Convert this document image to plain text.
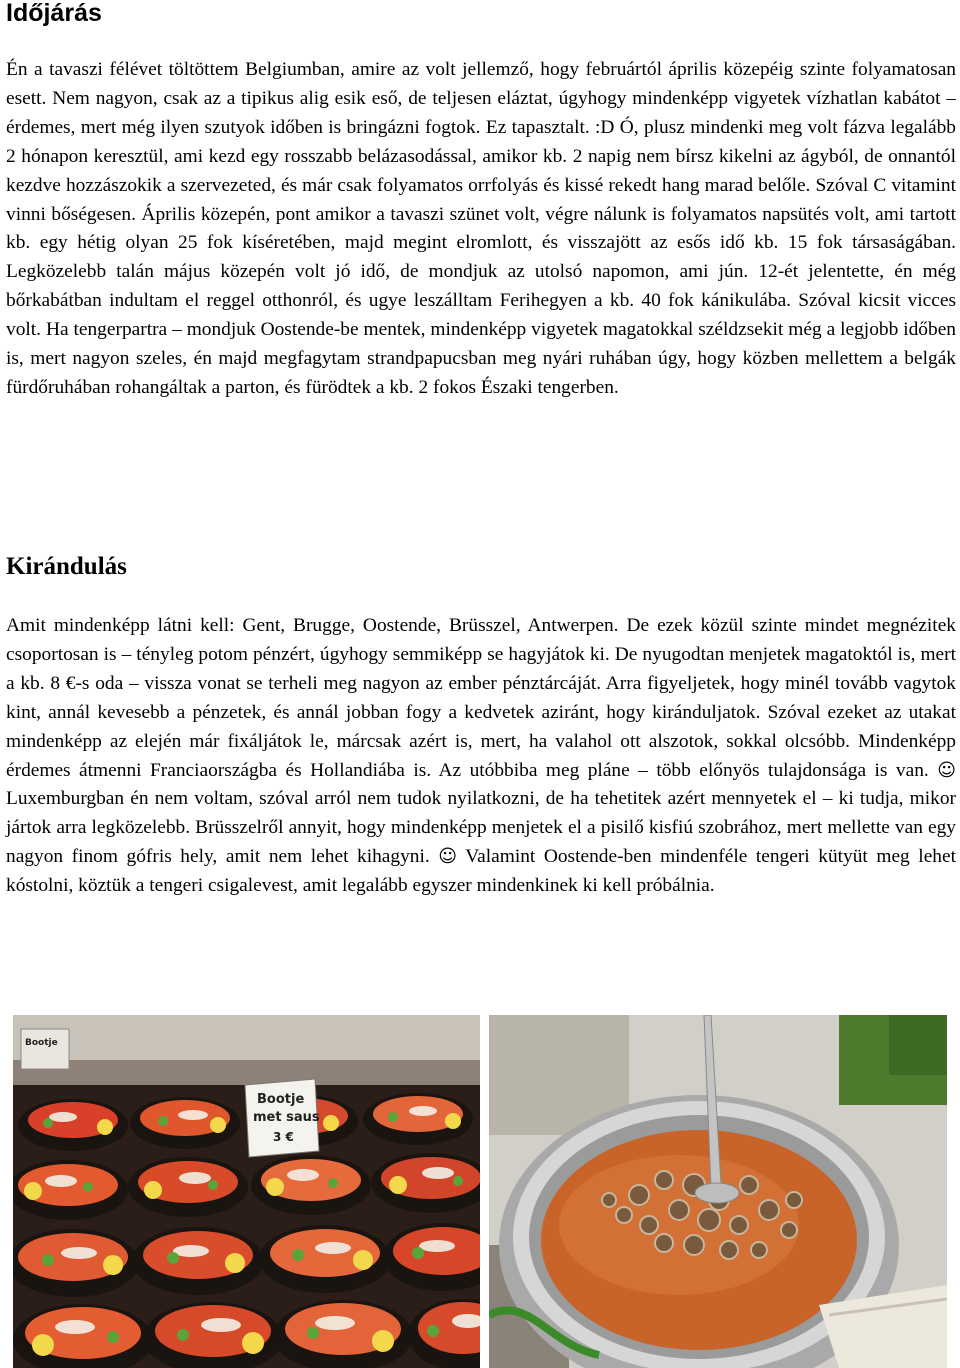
Időjárás

Én a tavaszi félévet töltöttem Belgiumban, amire az volt jellemző, hogy februártól április közepéig szinte folyamatosan esett. Nem nagyon, csak az a tipikus alig esik eső, de teljesen eláztat, úgyhogy mindenképp vigyetek vízhatlan kabátot – érdemes, mert még ilyen szutyok időben is bringázni fogtok. Ez tapasztalt. :D Ó, plusz mindenki meg volt fázva legalább 2 hónapon keresztül, ami kezd egy rosszabb belázasodással, amikor kb. 2 napig nem bírsz kikelni az ágyból, de onnantól kezdve hozzászokik a szervezeted, és már csak folyamatos orrfolyás és kissé rekedt hang marad belőle. Szóval C vitamint vinni bőségesen. Április közepén, pont amikor a tavaszi szünet volt, végre nálunk is folyamatos napsütés volt, ami tartott kb. egy hétig olyan 25 fok kíséretében, majd megint elromlott, és visszajött az esős idő kb. 15 fok társaságában. Legközelebb talán május közepén volt jó idő, de mondjuk az utolsó napomon, ami jún. 12-ét jelentette, én még bőrkabátban indultam el reggel otthonról, és ugye leszálltam Ferihegyen a kb. 40 fok kánikulába. Szóval kicsit vicces volt. Ha tengerpartra – mondjuk Oostende-be mentek, mindenképp vigyetek magatokkal széldzsekit még a legjobb időben is, mert nagyon szeles, én majd megfagytam strandpapucsban meg nyári ruhában úgy, hogy közben mellettem a belgák fürdőruhában rohangáltak a parton, és fürödtek a kb. 2 fokos Északi tengerben.

Kirándulás

Amit mindenképp látni kell: Gent, Brugge, Oostende, Brüsszel, Antwerpen. De ezek közül szinte mindet megnézitek csoportosan is – tényleg potom pénzért, úgyhogy semmiképp se hagyjátok ki. De nyugodtan menjetek magatoktól is, mert a kb. 8 €-s oda – vissza vonat se terheli meg nagyon az ember pénztárcáját. Arra figyeljetek, hogy minél tovább vagytok kint, annál kevesebb a pénzetek, és annál jobban fogy a kedvetek aziránt, hogy kiránduljatok. Szóval ezeket az utakat mindenképp az elején már fixáljátok le, márcsak azért is, mert, ha valahol ott alszotok, sokkal olcsóbb. Mindenképp érdemes átmenni Franciaországba és Hollandiába is. Az utóbbiba meg pláne – több előnyös tulajdonsága is van. ☺ Luxemburgban én nem voltam, szóval arról nem tudok nyilatkozni, de ha tehetitek azért mennyetek el – ki tudja, mikor jártok arra legközelebb. Brüsszelről annyit, hogy mindenképp menjetek el a pisilő kisfiú szobrához, mert mellette van egy nagyon finom gófris hely, amit nem lehet kihagyni. ☺ Valamint Oostende-ben mindenféle tengeri kütyüt meg lehet kóstolni, köztük a tengeri csigalevest, amit legalább egyszer mindenkinek ki kell próbálnia.

Bootje
met saus
3 €
Bootje
